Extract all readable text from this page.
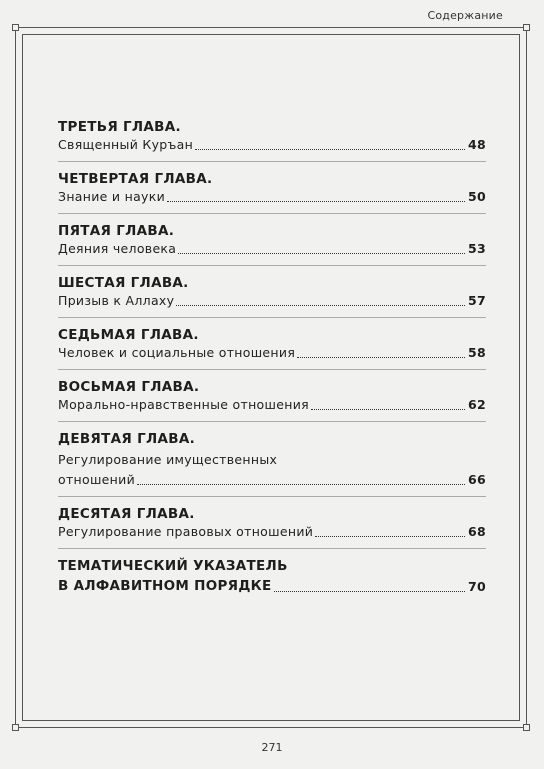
Содержание
ТРЕТЬЯ ГЛАВА.
Священный Куръан	48
ЧЕТВЕРТАЯ ГЛАВА.
Знание и науки	50
ПЯТАЯ ГЛАВА.
Деяния человека	53
ШЕСТАЯ ГЛАВА.
Призыв к Аллаху	57
СЕДЬМАЯ ГЛАВА.
Человек и социальные отношения	58
ВОСЬМАЯ ГЛАВА.
Морально-нравственные отношения	62
ДЕВЯТАЯ ГЛАВА.
Регулирование имущественных
отношений	66
ДЕСЯТАЯ ГЛАВА.
Регулирование правовых отношений	68
ТЕМАТИЧЕСКИЙ УКАЗАТЕЛЬ
В АЛФАВИТНОМ ПОРЯДКЕ	70
271
